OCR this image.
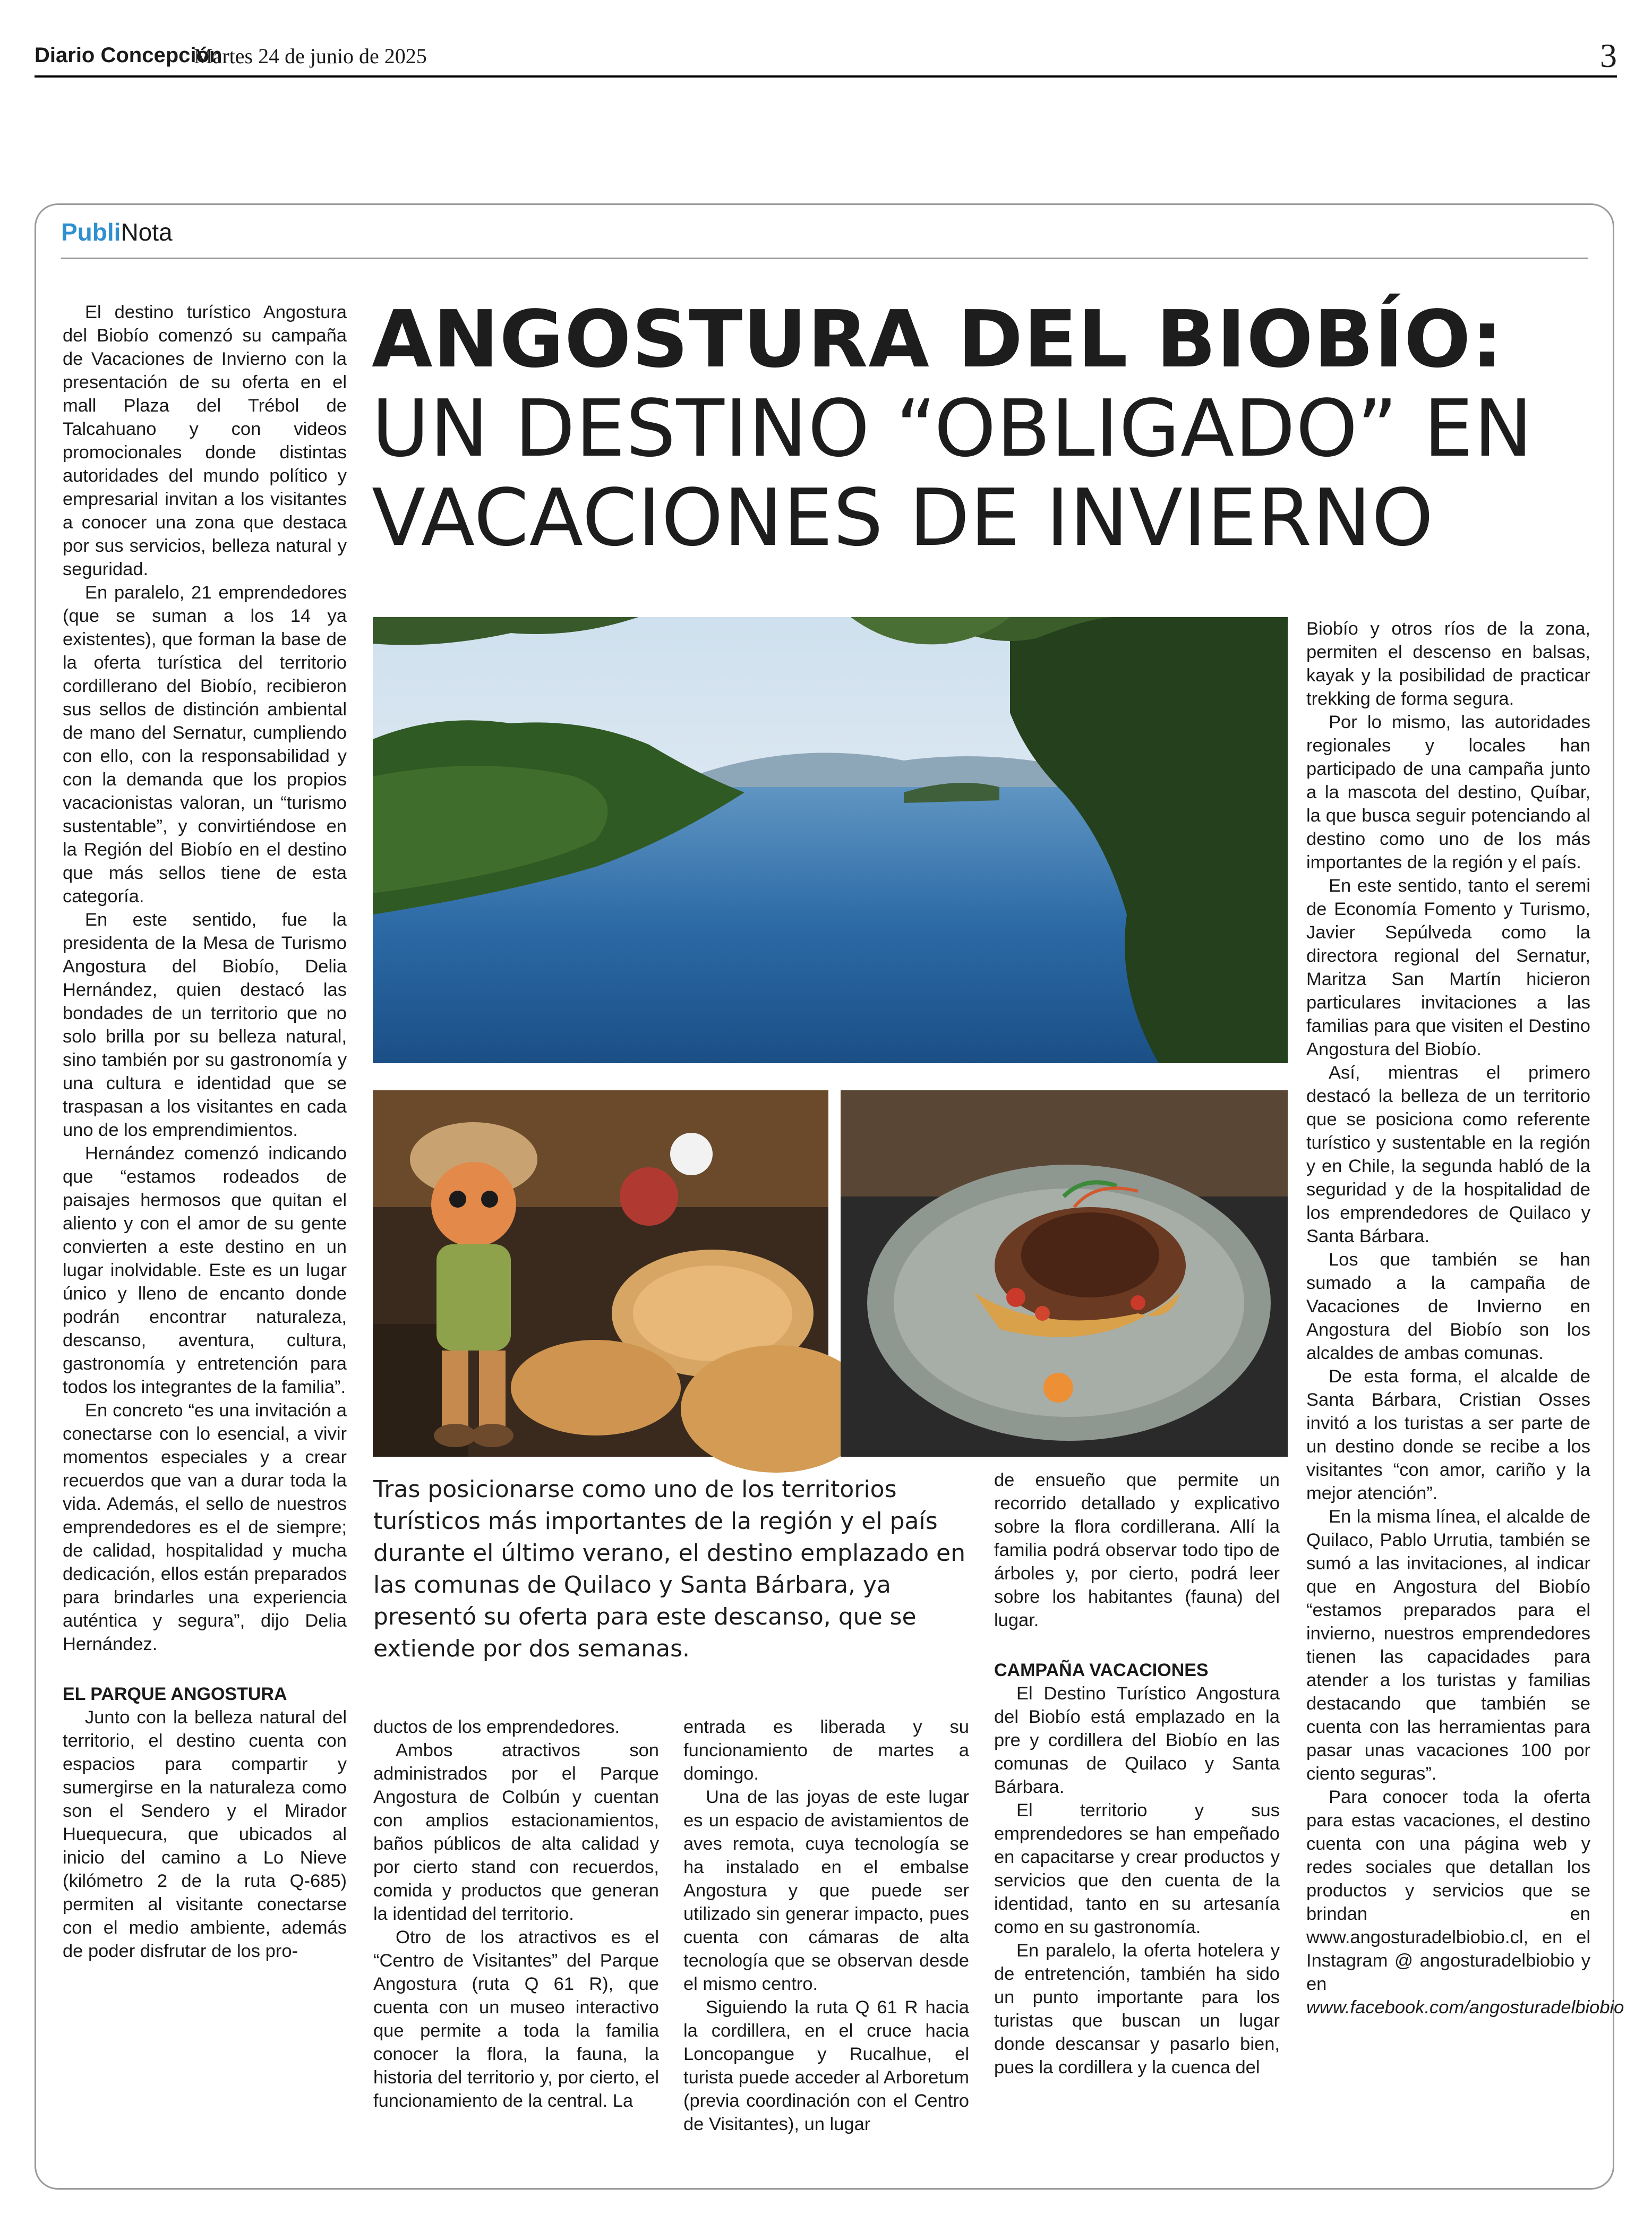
Diario Concepción
Martes 24 de junio de 2025	3
PubliNota
ANGOSTURA DEL BIOBÍO:
UN DESTINO “OBLIGADO” EN VACACIONES DE INVIERNO

El destino turístico Angostura del Biobío comenzó su campaña de Vacaciones de Invierno con la presentación de su oferta en el mall Plaza del Trébol de Talcahuano y con videos promocionales donde distintas autoridades del mundo político y empresarial invitan a los visitantes a conocer una zona que destaca por sus servicios, belleza natural y seguridad.

En paralelo, 21 emprendedores (que se suman a los 14 ya existentes), que forman la base de la oferta turística del territorio cordillerano del Biobío, recibieron sus sellos de distinción ambiental de mano del Sernatur, cumpliendo con ello, con la responsabilidad y con la demanda que los propios vacacionistas valoran, un “turismo sustentable”, y convirtiéndose en la Región del Biobío en el destino que más sellos tiene de esta categoría.

En este sentido, fue la presidenta de la Mesa de Turismo Angostura del Biobío, Delia Hernández, quien destacó las bondades de un territorio que no solo brilla por su belleza natural, sino también por su gastronomía y una cultura e identidad que se traspasan a los visitantes en cada uno de los emprendimientos.

Hernández comenzó indicando que “estamos rodeados de paisajes hermosos que quitan el aliento y con el amor de su gente convierten a este destino en un lugar inolvidable. Este es un lugar único y lleno de encanto donde podrán encontrar naturaleza, descanso, aventura, cultura, gastronomía y entretención para todos los integrantes de la familia”.

En concreto “es una invitación a conectarse con lo esencial, a vivir momentos especiales y a crear recuerdos que van a durar toda la vida. Además, el sello de nuestros emprendedores es el de siempre; de calidad, hospitalidad y mucha dedicación, ellos están preparados para brindarles una experiencia auténtica y segura”, dijo Delia Hernández.

EL PARQUE ANGOSTURA

Junto con la belleza natural del territorio, el destino cuenta con espacios para compartir y sumergirse en la naturaleza como son el Sendero y el Mirador Huequecura, que ubicados al inicio del camino a Lo Nieve (kilómetro 2 de la ruta Q-685) permiten al visitante conectarse con el medio ambiente, además de poder disfrutar de los pro-

Tras posicionarse como uno de los territorios turísticos más importantes de la región y el país durante el último verano, el destino emplazado en las comunas de Quilaco y Santa Bárbara, ya presentó su oferta para este descanso, que se extiende por dos semanas.

ductos de los emprendedores.

Ambos atractivos son administrados por el Parque Angostura de Colbún y cuentan con amplios estacionamientos, baños públicos de alta calidad y por cierto stand con recuerdos, comida y productos que generan la identidad del territorio.

Otro de los atractivos es el “Centro de Visitantes” del Parque Angostura (ruta Q 61 R), que cuenta con un museo interactivo que permite a toda la familia conocer la flora, la fauna, la historia del territorio y, por cierto, el funcionamiento de la central. La

entrada es liberada y su funcionamiento de martes a domingo.

Una de las joyas de este lugar es un espacio de avistamientos de aves remota, cuya tecnología se ha instalado en el embalse Angostura y que puede ser utilizado sin generar impacto, pues cuenta con cámaras de alta tecnología que se observan desde el mismo centro.

Siguiendo la ruta Q 61 R hacia la cordillera, en el cruce hacia Loncopangue y Rucalhue, el turista puede acceder al Arboretum (previa coordinación con el Centro de Visitantes), un lugar

de ensueño que permite un recorrido detallado y explicativo sobre la flora cordillerana. Allí la familia podrá observar todo tipo de árboles y, por cierto, podrá leer sobre los habitantes (fauna) del lugar.

CAMPAÑA VACACIONES

El Destino Turístico Angostura del Biobío está emplazado en la pre y cordillera del Biobío en las comunas de Quilaco y Santa Bárbara.

El territorio y sus emprendedores se han empeñado en capacitarse y crear productos y servicios que den cuenta de la identidad, tanto en su artesanía como en su gastronomía.

En paralelo, la oferta hotelera y de entretención, también ha sido un punto importante para los turistas que buscan un lugar donde descansar y pasarlo bien, pues la cordillera y la cuenca del

Biobío y otros ríos de la zona, permiten el descenso en balsas, kayak y la posibilidad de practicar trekking de forma segura.

Por lo mismo, las autoridades regionales y locales han participado de una campaña junto a la mascota del destino, Quíbar, la que busca seguir potenciando al destino como uno de los más importantes de la región y el país.

En este sentido, tanto el seremi de Economía Fomento y Turismo, Javier Sepúlveda como la directora regional del Sernatur, Maritza San Martín hicieron particulares invitaciones a las familias para que visiten el Destino Angostura del Biobío.

Así, mientras el primero destacó la belleza de un territorio que se posiciona como referente turístico y sustentable en la región y en Chile, la segunda habló de la seguridad y de la hospitalidad de los emprendedores de Quilaco y Santa Bárbara.

Los que también se han sumado a la campaña de Vacaciones de Invierno en Angostura del Biobío son los alcaldes de ambas comunas.

De esta forma, el alcalde de Santa Bárbara, Cristian Osses invitó a los turistas a ser parte de un destino donde se recibe a los visitantes “con amor, cariño y la mejor atención”.

En la misma línea, el alcalde de Quilaco, Pablo Urrutia, también se sumó a las invitaciones, al indicar que en Angostura del Biobío “estamos preparados para el invierno, nuestros emprendedores tienen las capacidades para atender a los turistas y familias destacando que también se cuenta con las herramientas para pasar unas vacaciones 100 por ciento seguras”.

Para conocer toda la oferta para estas vacaciones, el destino cuenta con una página web y redes sociales que detallan los productos y servicios que se brindan en www.angosturadelbiobio.cl, en el Instagram @ angosturadelbiobio y en www.facebook.com/angosturadelbiobio
